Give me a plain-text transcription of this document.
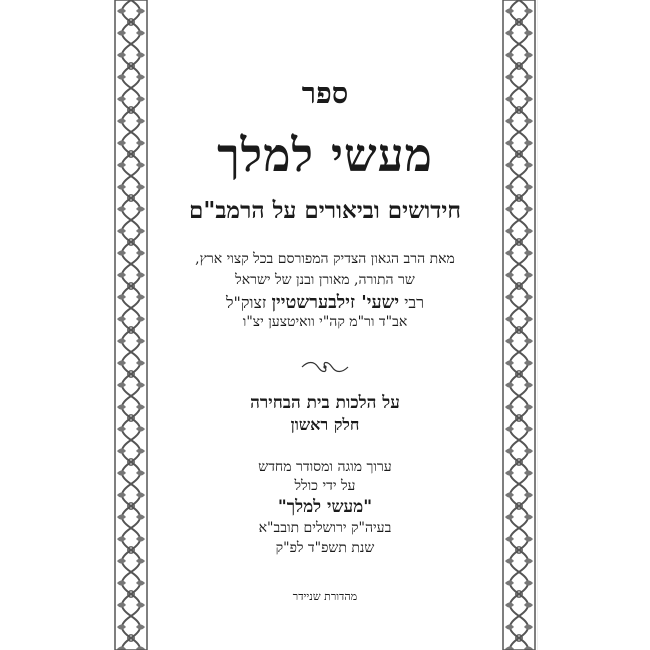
ספר
מעשי למלך
חידושים וביאורים על הרמב"ם
מאת הרב הגאון הצדיק המפורסם בכל קצוי ארץ,
שר התורה, מאורן ובנן של ישראל
רבי ישעי' זילבערשטיין זצוק"ל
אב"ד ור"מ קה"י וואיטצען יצ"ו
על הלכות בית הבחירה
חלק ראשון
ערוך מוגה ומסודר מחדש
על ידי כולל
"מעשי למלך"
בעיה"ק ירושלים תובב"א
שנת תשפ"ד לפ"ק
מהדורת שניידר
